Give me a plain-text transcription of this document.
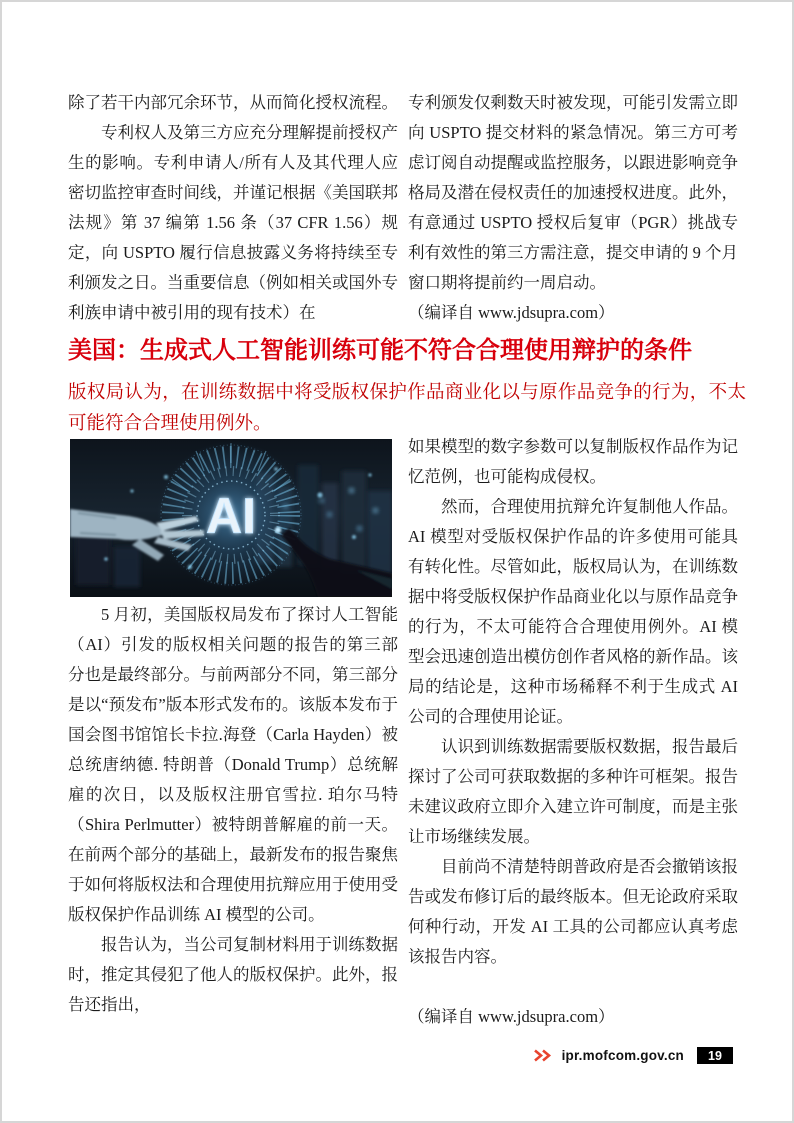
除了若干内部冗余环节，从而简化授权流程。

专利权人及第三方应充分理解提前授权产生的影响。专利申请人/所有人及其代理人应密切监控审查时间线，并谨记根据《美国联邦法规》第 37 编第 1.56 条（37 CFR 1.56）规定，向 USPTO 履行信息披露义务将持续至专利颁发之日。当重要信息（例如相关或国外专利族申请中被引用的现有技术）在

专利颁发仅剩数天时被发现，可能引发需立即向 USPTO 提交材料的紧急情况。第三方可考虑订阅自动提醒或监控服务，以跟进影响竞争格局及潜在侵权责任的加速授权进度。此外，有意通过 USPTO 授权后复审（PGR）挑战专利有效性的第三方需注意，提交申请的 9 个月窗口期将提前约一周启动。

（编译自 www.jdsupra.com）

美国：生成式人工智能训练可能不符合合理使用辩护的条件

版权局认为，在训练数据中将受版权保护作品商业化以与原作品竞争的行为，不太可能符合合理使用例外。

AI

5 月初，美国版权局发布了探讨人工智能（AI）引发的版权相关问题的报告的第三部分也是最终部分。与前两部分不同，第三部分是以“预发布”版本形式发布的。该版本发布于国会图书馆馆长卡拉.海登（Carla Hayden）被总统唐纳德. 特朗普（Donald Trump）总统解雇的次日，以及版权注册官雪拉. 珀尔马特（Shira Perlmutter）被特朗普解雇的前一天。在前两个部分的基础上，最新发布的报告聚焦于如何将版权法和合理使用抗辩应用于使用受版权保护作品训练 AI 模型的公司。

报告认为，当公司复制材料用于训练数据时，推定其侵犯了他人的版权保护。此外，报告还指出，

如果模型的数字参数可以复制版权作品作为记忆范例，也可能构成侵权。

然而，合理使用抗辩允许复制他人作品。AI 模型对受版权保护作品的许多使用可能具有转化性。尽管如此，版权局认为，在训练数据中将受版权保护作品商业化以与原作品竞争的行为，不太可能符合合理使用例外。AI 模型会迅速创造出模仿创作者风格的新作品。该局的结论是，这种市场稀释不利于生成式 AI 公司的合理使用论证。

认识到训练数据需要版权数据，报告最后探讨了公司可获取数据的多种许可框架。报告未建议政府立即介入建立许可制度，而是主张让市场继续发展。

目前尚不清楚特朗普政府是否会撤销该报告或发布修订后的最终版本。但无论政府采取何种行动，开发 AI 工具的公司都应认真考虑该报告内容。

（编译自 www.jdsupra.com）

ipr.mofcom.gov.cn	19
